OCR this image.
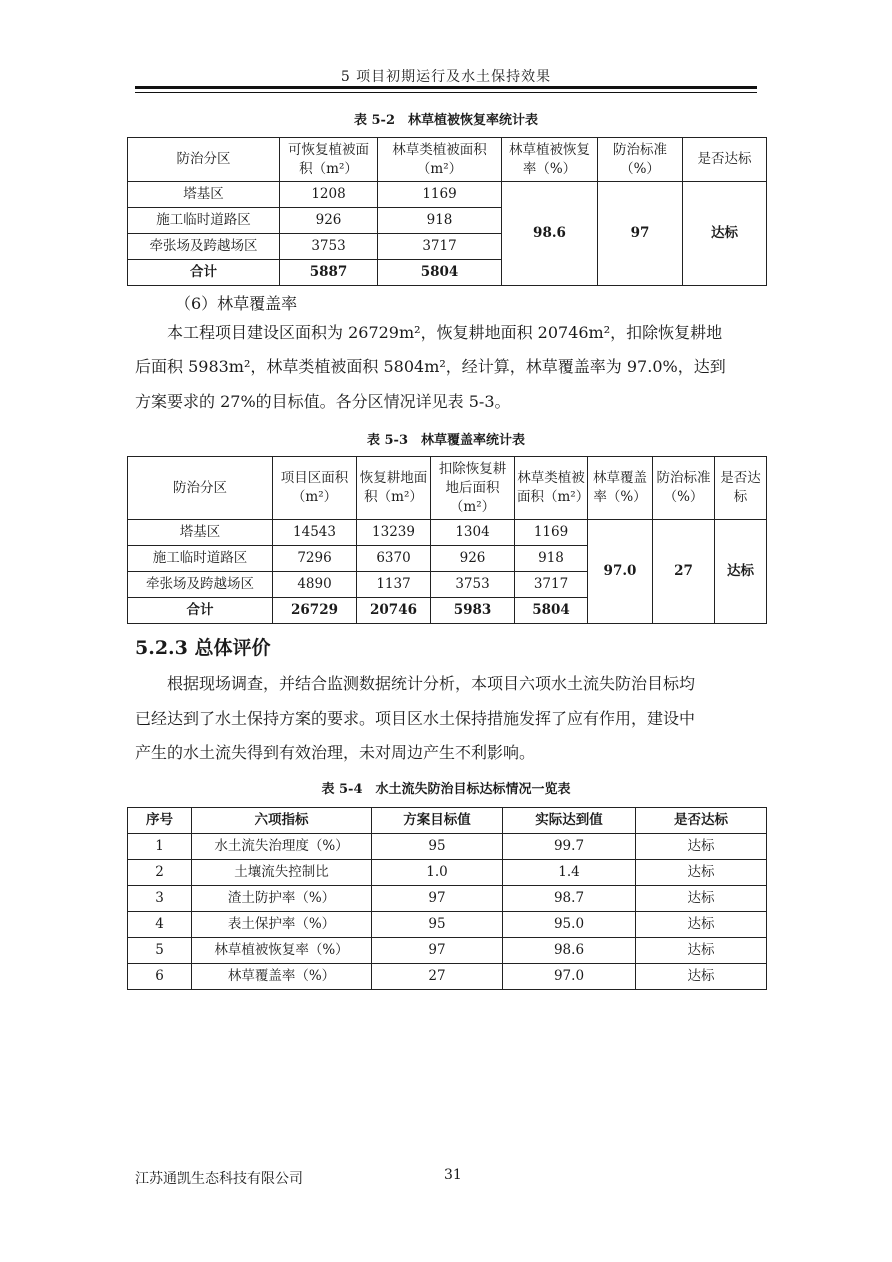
5 项目初期运行及水土保持效果
表 5-2　林草植被恢复率统计表
防治分区	可恢复植被面积（m²）	林草类植被面积（m²）	林草植被恢复率（%）	防治标准（%）	是否达标
塔基区	1208	1169	98.6	97	达标
施工临时道路区	926	918			
牵张场及跨越场区	3753	3717			
合计	5887	5804			

（6）林草覆盖率

本工程项目建设区面积为 26729m²，恢复耕地面积 20746m²，扣除恢复耕地

后面积 5983m²，林草类植被面积 5804m²，经计算，林草覆盖率为 97.0%，达到

方案要求的 27%的目标值。各分区情况详见表 5-3。

表 5-3　林草覆盖率统计表
防治分区	项目区面积（m²）	恢复耕地面积（m²）	扣除恢复耕地后面积（m²）	林草类植被面积（m²）	林草覆盖率（%）	防治标准（%）	是否达标
塔基区	14543	13239	1304	1169	97.0	27	达标
施工临时道路区	7296	6370	926	918			
牵张场及跨越场区	4890	1137	3753	3717			
合计	26729	20746	5983	5804			
5.2.3 总体评价

根据现场调查，并结合监测数据统计分析，本项目六项水土流失防治目标均

已经达到了水土保持方案的要求。项目区水土保持措施发挥了应有作用，建设中

产生的水土流失得到有效治理，未对周边产生不利影响。

表 5-4　水土流失防治目标达标情况一览表
序号	六项指标	方案目标值	实际达到值	是否达标
1	水土流失治理度（%）	95	99.7	达标
2	土壤流失控制比	1.0	1.4	达标
3	渣土防护率（%）	97	98.7	达标
4	表土保护率（%）	95	95.0	达标
5	林草植被恢复率（%）	97	98.6	达标
6	林草覆盖率（%）	27	97.0	达标
江苏通凯生态科技有限公司	31
